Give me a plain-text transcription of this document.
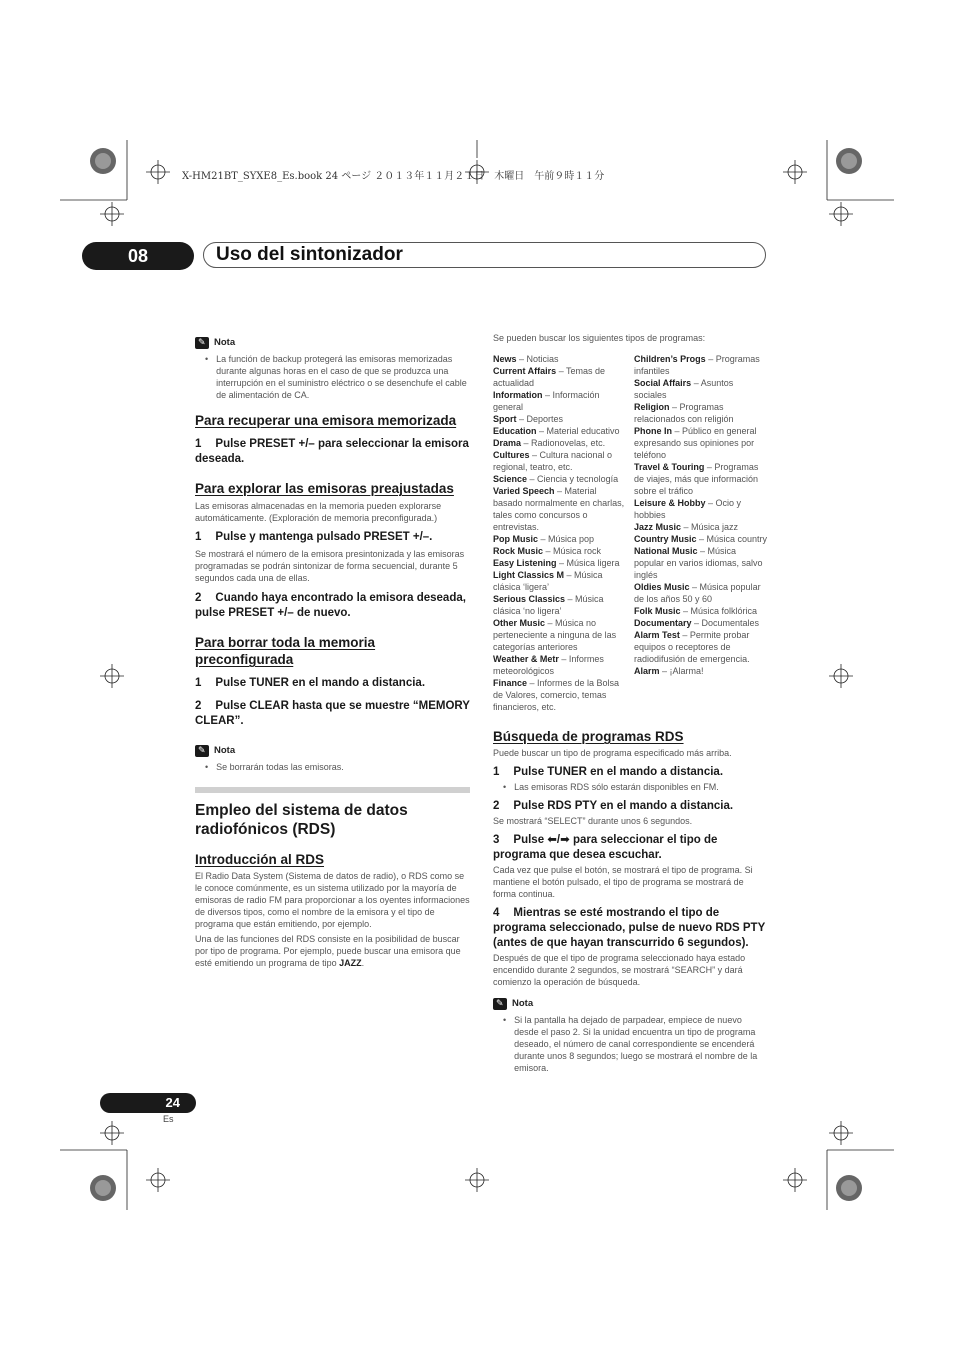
X-HM21BT_SYXE8_Es.book 24 ページ ２０１３年１１月２１日　木曜日　午前９時１１分
08	Uso del sintonizador
✎
Nota
• La función de backup protegerá las emisoras memorizadas durante algunas horas en el caso de que se produzca una interrupción en el suministro eléctrico o se desenchufe el cable de alimentación de CA.
Para recuperar una emisora memorizada
1 Pulse PRESET +/– para seleccionar la emisora deseada.
Para explorar las emisoras preajustadas
Las emisoras almacenadas en la memoria pueden explorarse automáticamente. (Exploración de memoria preconfigurada.)
1 Pulse y mantenga pulsado PRESET +/–.
Se mostrará el número de la emisora presintonizada y las emisoras programadas se podrán sintonizar de forma secuencial, durante 5 segundos cada una de ellas.
2 Cuando haya encontrado la emisora deseada, pulse PRESET +/– de nuevo.
Para borrar toda la memoria preconfigurada
1 Pulse TUNER en el mando a distancia.
2 Pulse CLEAR hasta que se muestre “MEMORY CLEAR”.
✎
Nota
• Se borrarán todas las emisoras.
Empleo del sistema de datos radiofónicos (RDS)
Introducción al RDS
El Radio Data System (Sistema de datos de radio), o RDS como se le conoce comúnmente, es un sistema utilizado por la mayoría de emisoras de radio FM para proporcionar a los oyentes informaciones de diversos tipos, como el nombre de la emisora y el tipo de programa que están emitiendo, por ejemplo.
Una de las funciones del RDS consiste en la posibilidad de buscar por tipo de programa. Por ejemplo, puede buscar una emisora que esté emitiendo un programa de tipo JAZZ.
Se pueden buscar los siguientes tipos de programas:
News – Noticias
Current Affairs – Temas de actualidad
Information – Información general
Sport – Deportes
Education – Material educativo
Drama – Radionovelas, etc.
Cultures – Cultura nacional o regional, teatro, etc.
Science – Ciencia y tecnología
Varied Speech – Material basado normalmente en charlas, tales como concursos o entrevistas.
Pop Music – Música pop
Rock Music – Música rock
Easy Listening – Música ligera
Light Classics M – Música clásica ‘ligera’
Serious Classics – Música clásica ‘no ligera’
Other Music – Música no perteneciente a ninguna de las categorías anteriores
Weather & Metr – Informes meteorológicos
Finance – Informes de la Bolsa de Valores, comercio, temas financieros, etc.
Children’s Progs – Programas infantiles
Social Affairs – Asuntos sociales
Religion – Programas relacionados con religión
Phone In – Público en general expresando sus opiniones por teléfono
Travel & Touring – Programas de viajes, más que información sobre el tráfico
Leisure & Hobby – Ocio y hobbies
Jazz Music – Música jazz
Country Music – Música country
National Music – Música popular en varios idiomas, salvo inglés
Oldies Music – Música popular de los años 50 y 60
Folk Music – Música folklórica
Documentary – Documentales
Alarm Test – Permite probar equipos o receptores de radiodifusión de emergencia.
Alarm – ¡Alarma!
Búsqueda de programas RDS
Puede buscar un tipo de programa especificado más arriba.
1 Pulse TUNER en el mando a distancia.
• Las emisoras RDS sólo estarán disponibles en FM.
2 Pulse RDS PTY en el mando a distancia.
Se mostrará “SELECT” durante unos 6 segundos.
3 Pulse ⬅/➡ para seleccionar el tipo de programa que desea escuchar.
Cada vez que pulse el botón, se mostrará el tipo de programa. Si mantiene el botón pulsado, el tipo de programa se mostrará de forma continua.
4 Mientras se esté mostrando el tipo de programa seleccionado, pulse de nuevo RDS PTY (antes de que hayan transcurrido 6 segundos).
Después de que el tipo de programa seleccionado haya estado encendido durante 2 segundos, se mostrará “SEARCH” y dará comienzo la operación de búsqueda.
✎
Nota
• Si la pantalla ha dejado de parpadear, empiece de nuevo desde el paso 2. Si la unidad encuentra un tipo de programa deseado, el número de canal correspondiente se encenderá durante unos 8 segundos; luego se mostrará el nombre de la emisora.
24
Es
